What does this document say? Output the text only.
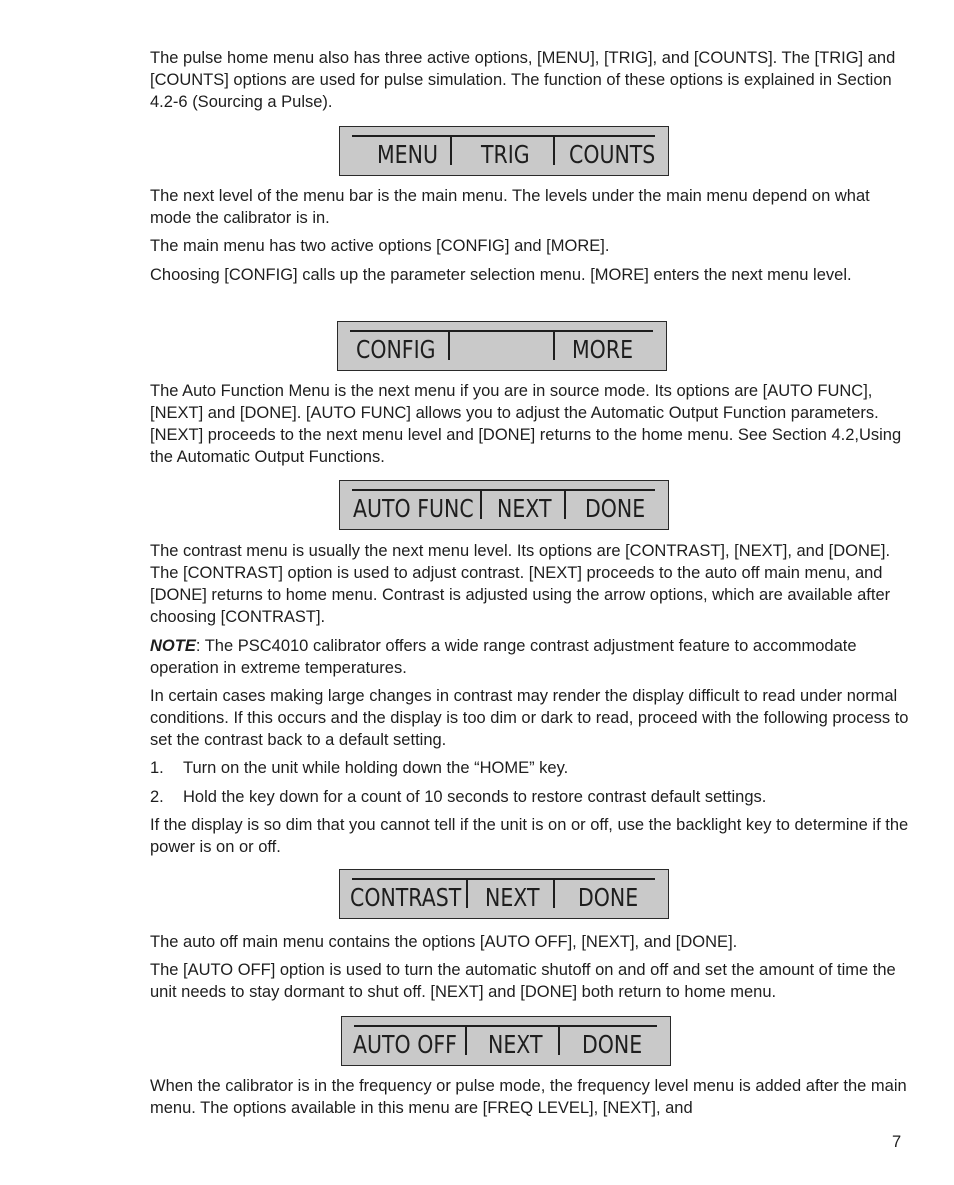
The pulse home menu also has three active options, [MENU], [TRIG], and [COUNTS]. The [TRIG] and [COUNTS] options are used for pulse simulation. The function of these options is explained in Section 4.2-6 (Sourcing a Pulse).

MENU TRIG COUNTS

The next level of the menu bar is the main menu. The levels under the main menu depend on what mode the calibrator is in.

The main menu has two active options [CONFIG] and [MORE].

Choosing [CONFIG] calls up the parameter selection menu. [MORE] enters the next menu level.

CONFIG	MORE

The Auto Function Menu is the next menu if you are in source mode. Its options are [AUTO FUNC], [NEXT] and [DONE]. [AUTO FUNC] allows you to adjust the Automatic Output Function parameters. [NEXT] proceeds to the next menu level and [DONE] returns to the home menu. See Section 4.2,Using the Automatic Output Functions.

AUTO FUNC NEXT DONE

The contrast menu is usually the next menu level. Its options are [CONTRAST], [NEXT], and [DONE]. The [CONTRAST] option is used to adjust contrast. [NEXT] proceeds to the auto off main menu, and [DONE] returns to home menu. Contrast is adjusted using the arrow options, which are available after choosing [CONTRAST].

NOTE: The PSC4010 calibrator offers a wide range contrast adjustment feature to accommodate operation in extreme temperatures.

In certain cases making large changes in contrast may render the display difficult to read under normal conditions. If this occurs and the display is too dim or dark to read, proceed with the following process to set the contrast back to a default setting.

1. Turn on the unit while holding down the “HOME” key.
2. Hold the key down for a count of 10 seconds to restore contrast default settings.

If the display is so dim that you cannot tell if the unit is on or off, use the backlight key to determine if the power is on or off.

CONTRAST NEXT DONE

The auto off main menu contains the options [AUTO OFF], [NEXT], and [DONE].

The [AUTO OFF] option is used to turn the automatic shutoff on and off and set the amount of time the unit needs to stay dormant to shut off. [NEXT] and [DONE] both return to home menu.

AUTO OFF NEXT DONE

When the calibrator is in the frequency or pulse mode, the frequency level menu is added after the main menu. The options available in this menu are [FREQ LEVEL], [NEXT], and

7
